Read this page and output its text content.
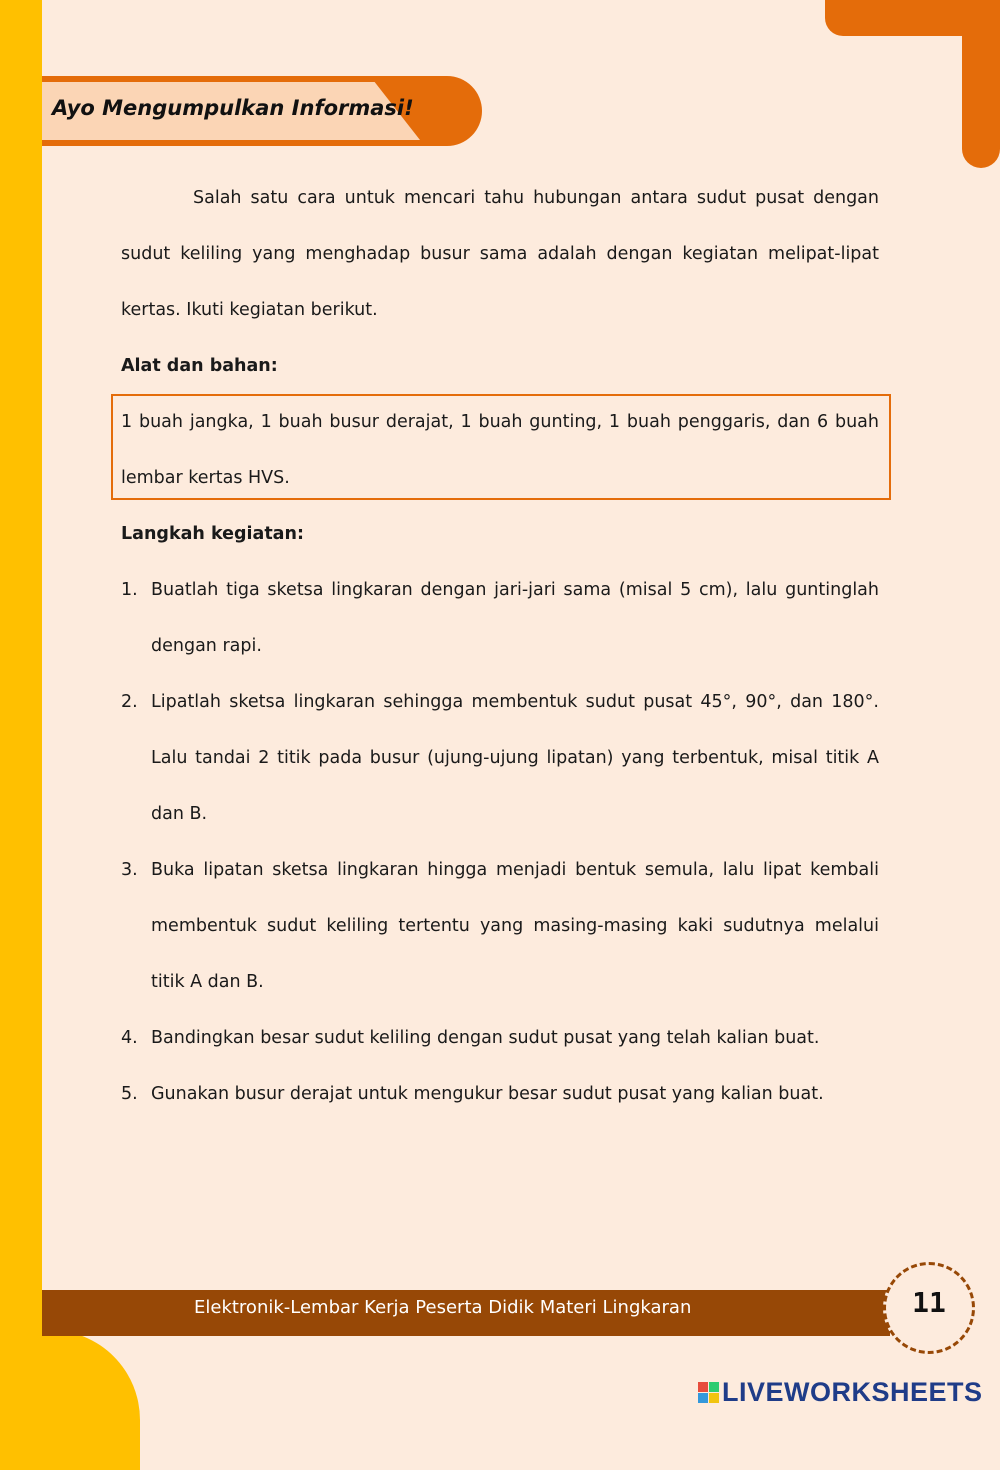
Ayo Mengumpulkan Informasi!

Salah satu cara untuk mencari tahu hubungan antara sudut pusat dengan sudut keliling yang menghadap busur sama adalah dengan kegiatan melipat-lipat kertas. Ikuti kegiatan berikut.

Alat dan bahan:

1 buah jangka, 1 buah busur derajat, 1 buah gunting, 1 buah penggaris, dan 6 buah lembar kertas HVS.

Langkah kegiatan:

1. Buatlah tiga sketsa lingkaran dengan jari-jari sama (misal 5 cm), lalu guntinglah dengan rapi.
2. Lipatlah sketsa lingkaran sehingga membentuk sudut pusat 45°, 90°, dan 180°. Lalu tandai 2 titik pada busur (ujung-ujung lipatan) yang terbentuk, misal titik A dan B.
3. Buka lipatan sketsa lingkaran hingga menjadi bentuk semula, lalu lipat kembali membentuk sudut keliling tertentu yang masing-masing kaki sudutnya melalui titik A dan B.
4. Bandingkan besar sudut keliling dengan sudut pusat yang telah kalian buat.
5. Gunakan busur derajat untuk mengukur besar sudut pusat yang kalian buat.
Elektronik-Lembar Kerja Peserta Didik Materi Lingkaran	11
LIVEWORKSHEETS
